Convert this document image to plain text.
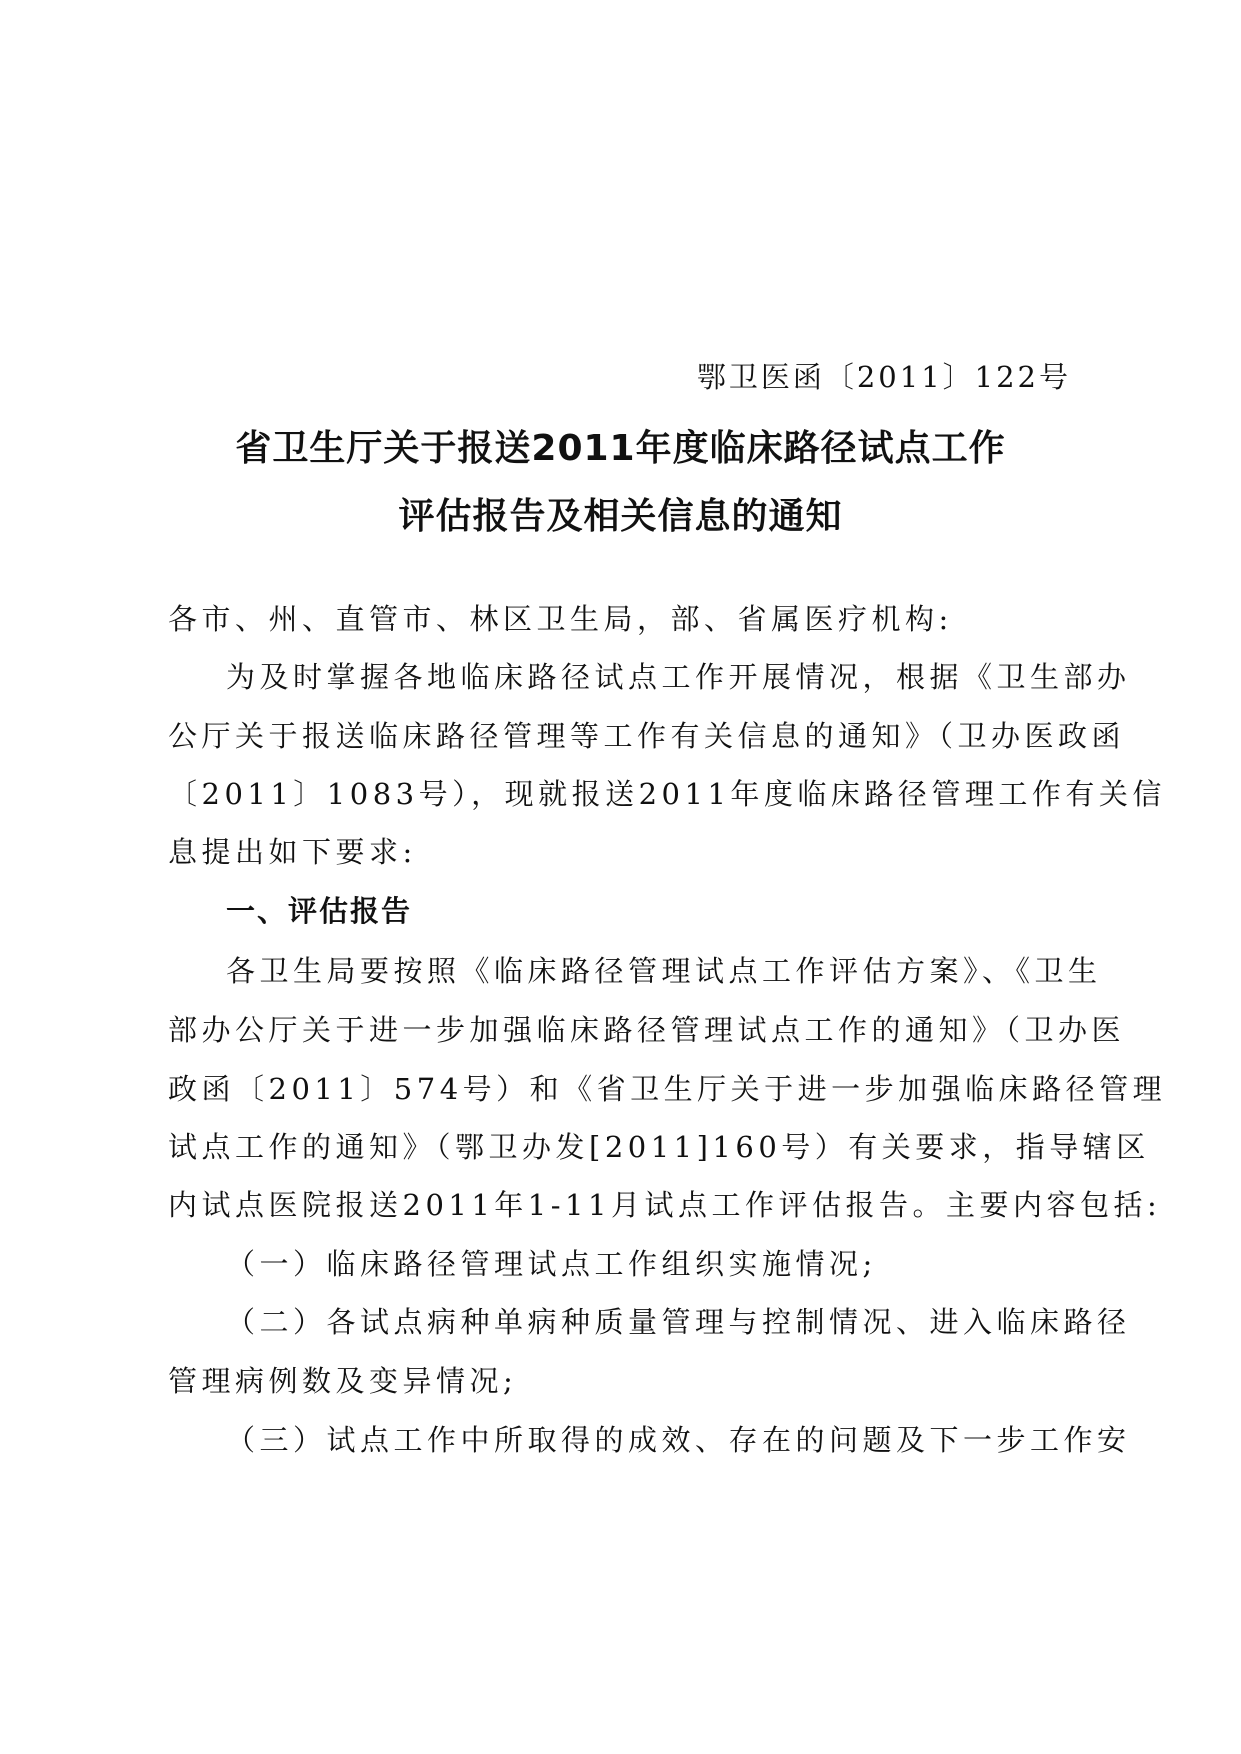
鄂卫医函〔2011〕122号
省卫生厅关于报送2011年度临床路径试点工作
评估报告及相关信息的通知
各市、州、直管市、林区卫生局，部、省属医疗机构:
为及时掌握各地临床路径试点工作开展情况，根据《卫生部办
公厅关于报送临床路径管理等工作有关信息的通知》（卫办医政函
〔2011〕1083号），现就报送2011年度临床路径管理工作有关信
息提出如下要求:
一、评估报告
各卫生局要按照《临床路径管理试点工作评估方案》、《卫生
部办公厅关于进一步加强临床路径管理试点工作的通知》（卫办医
政函〔2011〕574号）和《省卫生厅关于进一步加强临床路径管理
试点工作的通知》（鄂卫办发[2011]160号）有关要求，指导辖区
内试点医院报送2011年1-11月试点工作评估报告。主要内容包括:
（一）临床路径管理试点工作组织实施情况;
（二）各试点病种单病种质量管理与控制情况、进入临床路径
管理病例数及变异情况;
（三）试点工作中所取得的成效、存在的问题及下一步工作安
